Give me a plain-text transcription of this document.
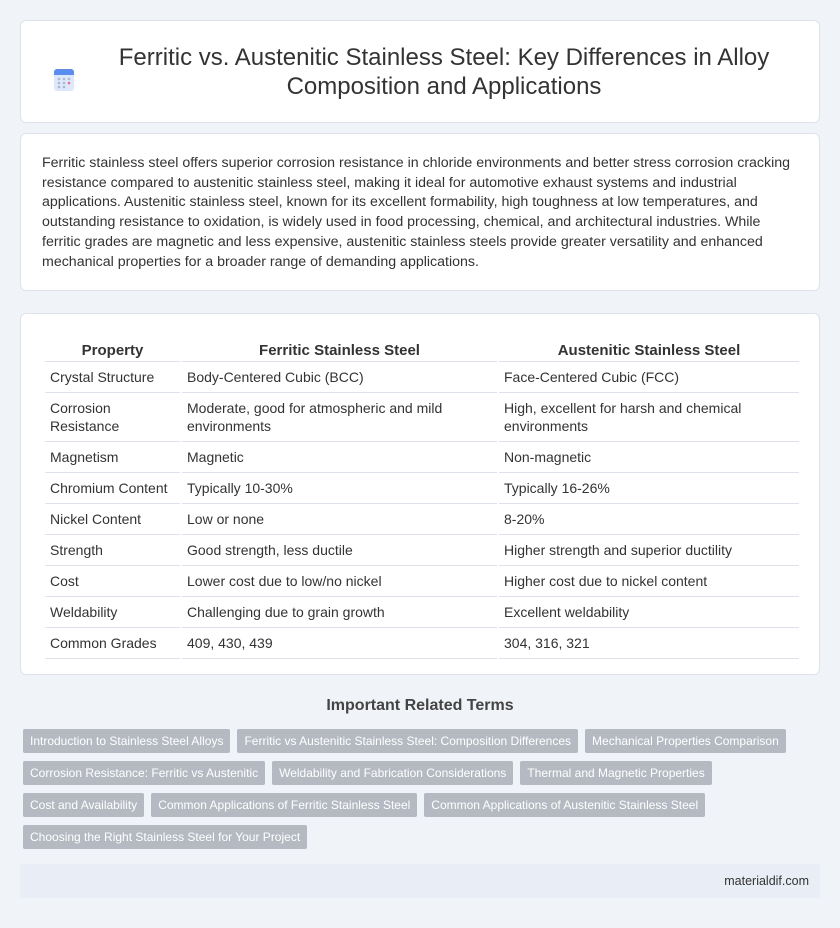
Ferritic vs. Austenitic Stainless Steel: Key Differences in Alloy Composition and Applications

Ferritic stainless steel offers superior corrosion resistance in chloride environments and better stress corrosion cracking resistance compared to austenitic stainless steel, making it ideal for automotive exhaust systems and industrial applications. Austenitic stainless steel, known for its excellent formability, high toughness at low temperatures, and outstanding resistance to oxidation, is widely used in food processing, chemical, and architectural industries. While ferritic grades are magnetic and less expensive, austenitic stainless steels provide greater versatility and enhanced mechanical properties for a broader range of demanding applications.

Property	Ferritic Stainless Steel	Austenitic Stainless Steel
Crystal Structure	Body-Centered Cubic (BCC)	Face-Centered Cubic (FCC)
Corrosion Resistance	Moderate, good for atmospheric and mild environments	High, excellent for harsh and chemical environments
Magnetism	Magnetic	Non-magnetic
Chromium Content	Typically 10-30%	Typically 16-26%
Nickel Content	Low or none	8-20%
Strength	Good strength, less ductile	Higher strength and superior ductility
Cost	Lower cost due to low/no nickel	Higher cost due to nickel content
Weldability	Challenging due to grain growth	Excellent weldability
Common Grades	409, 430, 439	304, 316, 321
Important Related Terms
Introduction to Stainless Steel Alloys	Ferritic vs Austenitic Stainless Steel: Composition Differences	Mechanical Properties Comparison
Corrosion Resistance: Ferritic vs Austenitic	Weldability and Fabrication Considerations	Thermal and Magnetic Properties
Cost and Availability	Common Applications of Ferritic Stainless Steel	Common Applications of Austenitic Stainless Steel
Choosing the Right Stainless Steel for Your Project
materialdif.com
